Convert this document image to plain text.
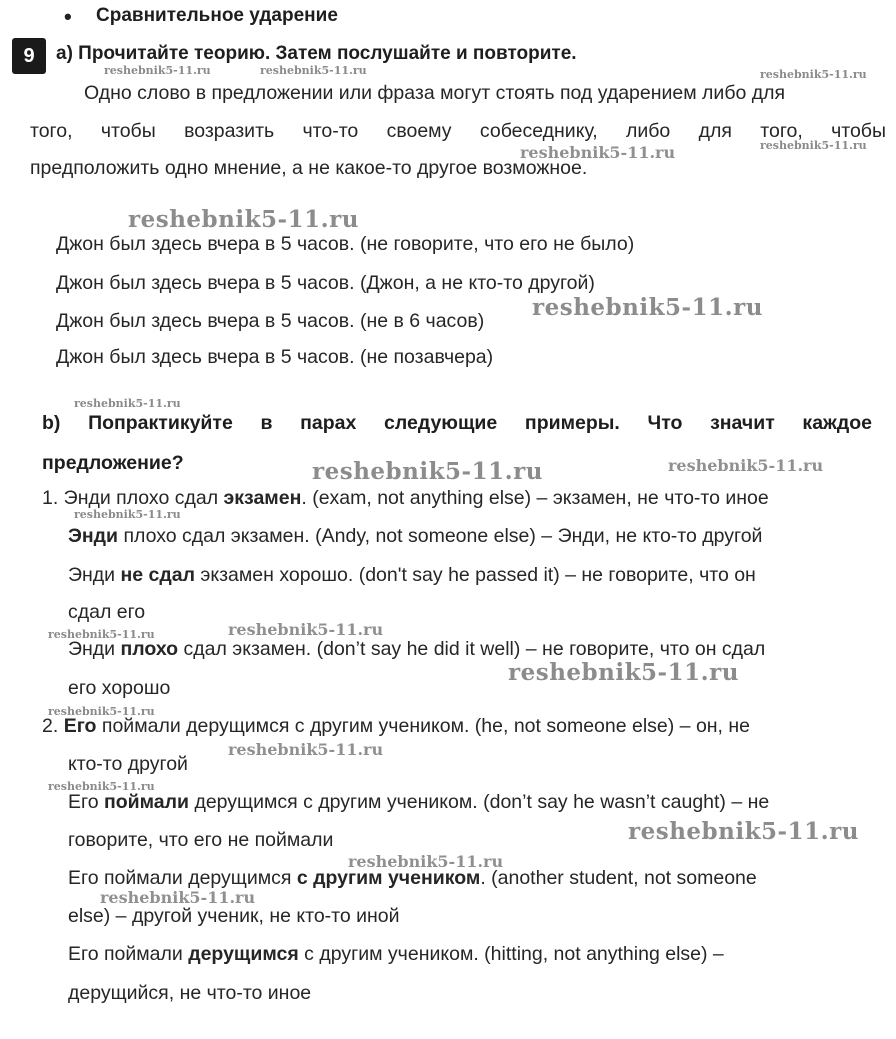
• Сравнительное ударение
9	a) Прочитайте теорию. Затем послушайте и повторите.
Одно слово в предложении или фраза могут стоять под ударением либо для
того, чтобы возразить что-то своему собеседнику, либо для того, чтобы
предположить одно мнение, а не какое-то другое возможное.
Джон был здесь вчера в 5 часов. (не говорите, что его не было)
Джон был здесь вчера в 5 часов. (Джон, а не кто-то другой)
Джон был здесь вчера в 5 часов. (не в 6 часов)
Джон был здесь вчера в 5 часов. (не позавчера)
b) Попрактикуйте в парах следующие примеры. Что значит каждое
предложение?
1. Энди плохо сдал экзамен. (exam, not anything else) – экзамен, не что-то иное
Энди плохо сдал экзамен. (Andy, not someone else) – Энди, не кто-то другой
Энди не сдал экзамен хорошо. (don't say he passed it) – не говорите, что он
сдал его
Энди плохо сдал экзамен. (don’t say he did it well) – не говорите, что он сдал
его хорошо
2. Его поймали дерущимся с другим учеником. (he, not someone else) – он, не
кто-то другой
Его поймали дерущимся с другим учеником. (don’t say he wasn’t caught) – не
говорите, что его не поймали
Его поймали дерущимся с другим учеником. (another student, not someone
else) – другой ученик, не кто-то иной
Его поймали дерущимся с другим учеником. (hitting, not anything else) –
дерущийся, не что-то иное
reshebnik5-11.ru	reshebnik5-11.ru	reshebnik5-11.ru
reshebnik5-11.ru
reshebnik5-11.ru
reshebnik5-11.ru
reshebnik5-11.ru
reshebnik5-11.ru
reshebnik5-11.ru	reshebnik5-11.ru
reshebnik5-11.ru
reshebnik5-11.ru
reshebnik5-11.ru
reshebnik5-11.ru
reshebnik5-11.ru
reshebnik5-11.ru
reshebnik5-11.ru
reshebnik5-11.ru
reshebnik5-11.ru
reshebnik5-11.ru
